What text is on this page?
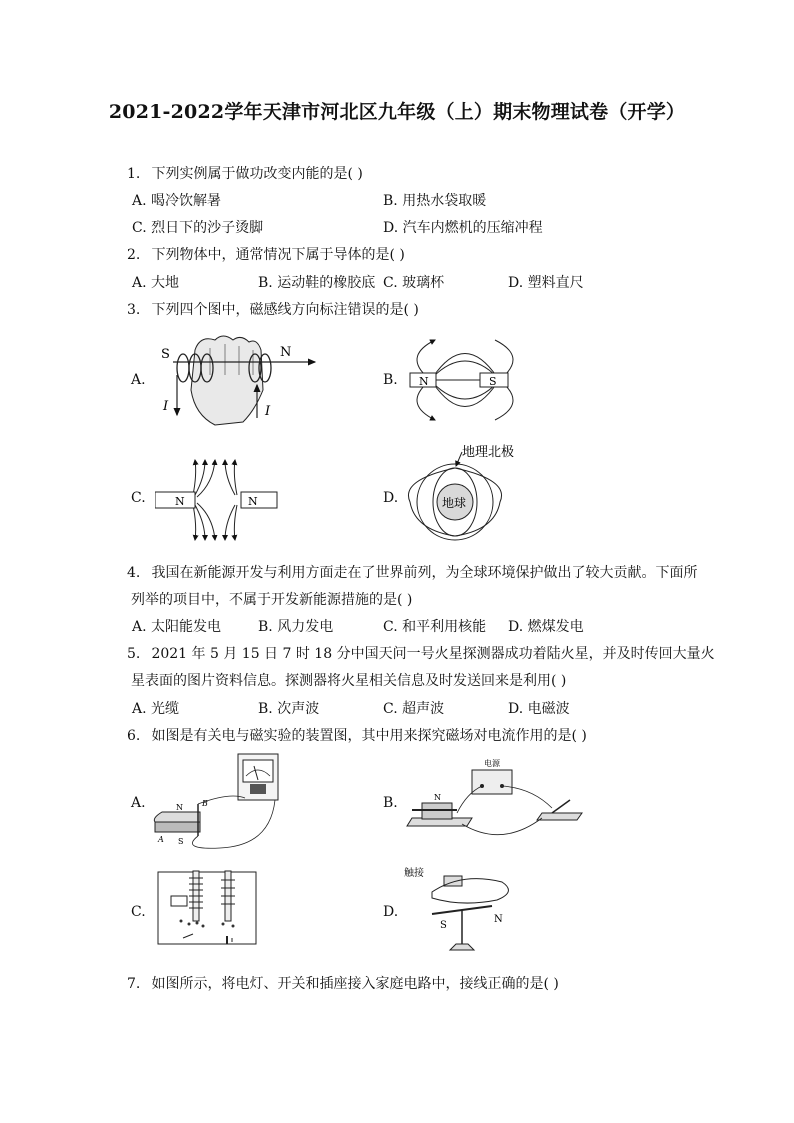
2021-2022学年天津市河北区九年级（上）期末物理试卷（开学）
1. 下列实例属于做功改变内能的是( )
A. 喝冷饮解暑	B. 用热水袋取暖
C. 烈日下的沙子烫脚	D. 汽车内燃机的压缩冲程
2. 下列物体中，通常情况下属于导体的是( )
A. 大地	B. 运动鞋的橡胶底 C. 玻璃杯	D. 塑料直尺
3. 下列四个图中，磁感线方向标注错误的是( )
A.	B.
C.	D.
S	N
I	I
N	S
N	N	地球
地理北极
4. 我国在新能源开发与利用方面走在了世界前列，为全球环境保护做出了较大贡献。下面所
列举的项目中，不属于开发新能源措施的是( )
A. 太阳能发电	B. 风力发电	C. 和平利用核能 D. 燃煤发电
5. 2021 年 5 月 15 日 7 时 18 分中国天问一号火星探测器成功着陆火星，并及时传回大量火
星表面的图片资料信息。探测器将火星相关信息及时发送回来是利用( )
A. 光缆	B. 次声波	C. 超声波	D. 电磁波
6. 如图是有关电与磁实验的装置图，其中用来探究磁场对电流作用的是( )
A.	B.
C.	D.
N
S
B
A
电源
N
触接
S
N
7. 如图所示，将电灯、开关和插座接入家庭电路中，接线正确的是( )
